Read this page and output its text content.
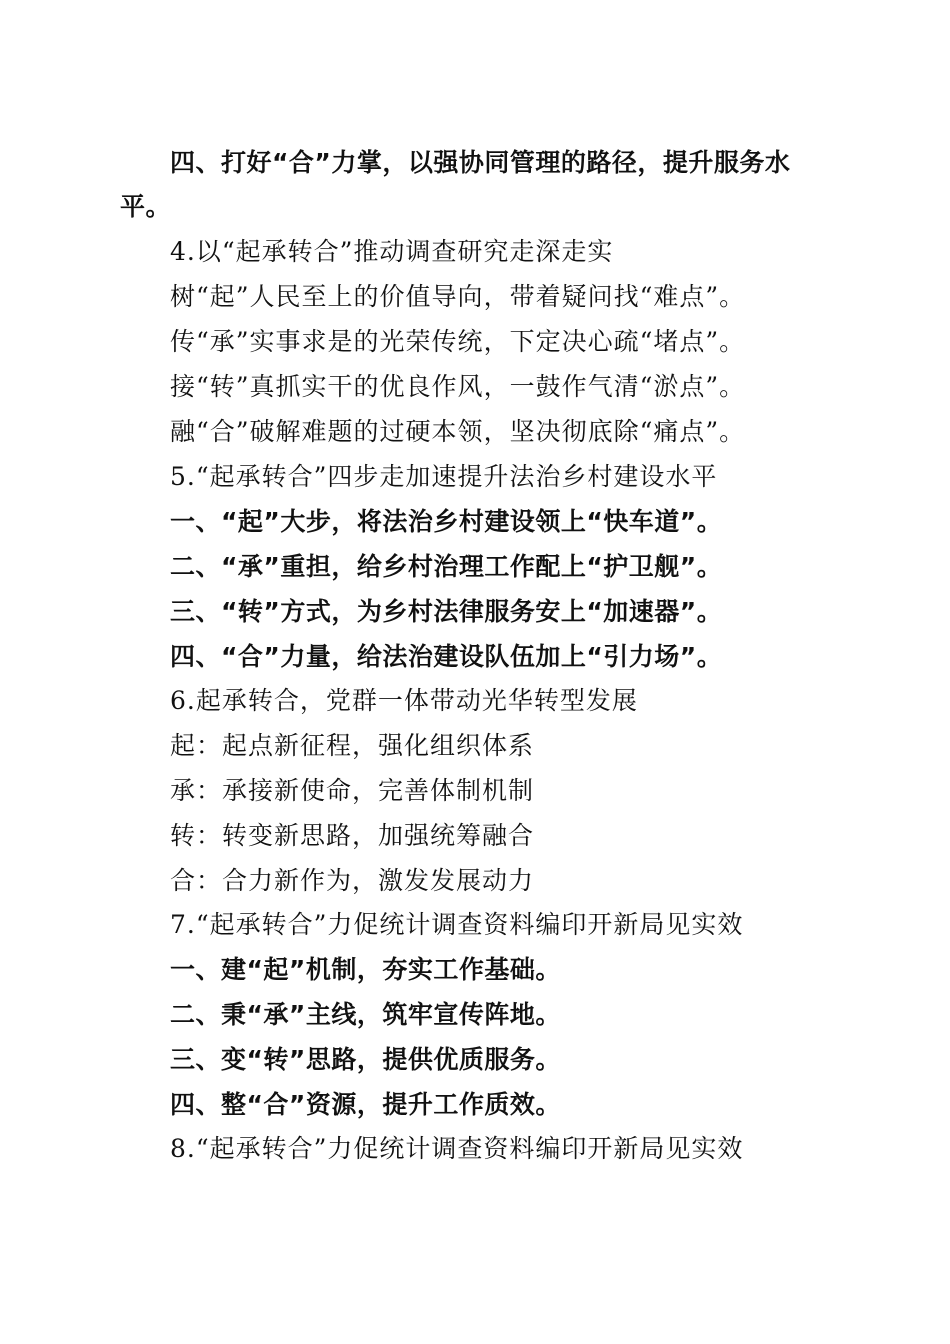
四、打好“合”力掌，以强协同管理的路径，提升服务水
平。
4.以“起承转合”推动调查研究走深走实
树“起”人民至上的价值导向，带着疑问找“难点”。
传“承”实事求是的光荣传统，下定决心疏“堵点”。
接“转”真抓实干的优良作风，一鼓作气清“淤点”。
融“合”破解难题的过硬本领，坚决彻底除“痛点”。
5.“起承转合”四步走加速提升法治乡村建设水平
一、“起”大步，将法治乡村建设领上“快车道”。
二、“承”重担，给乡村治理工作配上“护卫舰”。
三、“转”方式，为乡村法律服务安上“加速器”。
四、“合”力量，给法治建设队伍加上“引力场”。
6.起承转合，党群一体带动光华转型发展
起：起点新征程，强化组织体系
承：承接新使命，完善体制机制
转：转变新思路，加强统筹融合
合：合力新作为，激发发展动力
7.“起承转合”力促统计调查资料编印开新局见实效
一、建“起”机制，夯实工作基础。
二、秉“承”主线，筑牢宣传阵地。
三、变“转”思路，提供优质服务。
四、整“合”资源，提升工作质效。
8.“起承转合”力促统计调查资料编印开新局见实效
